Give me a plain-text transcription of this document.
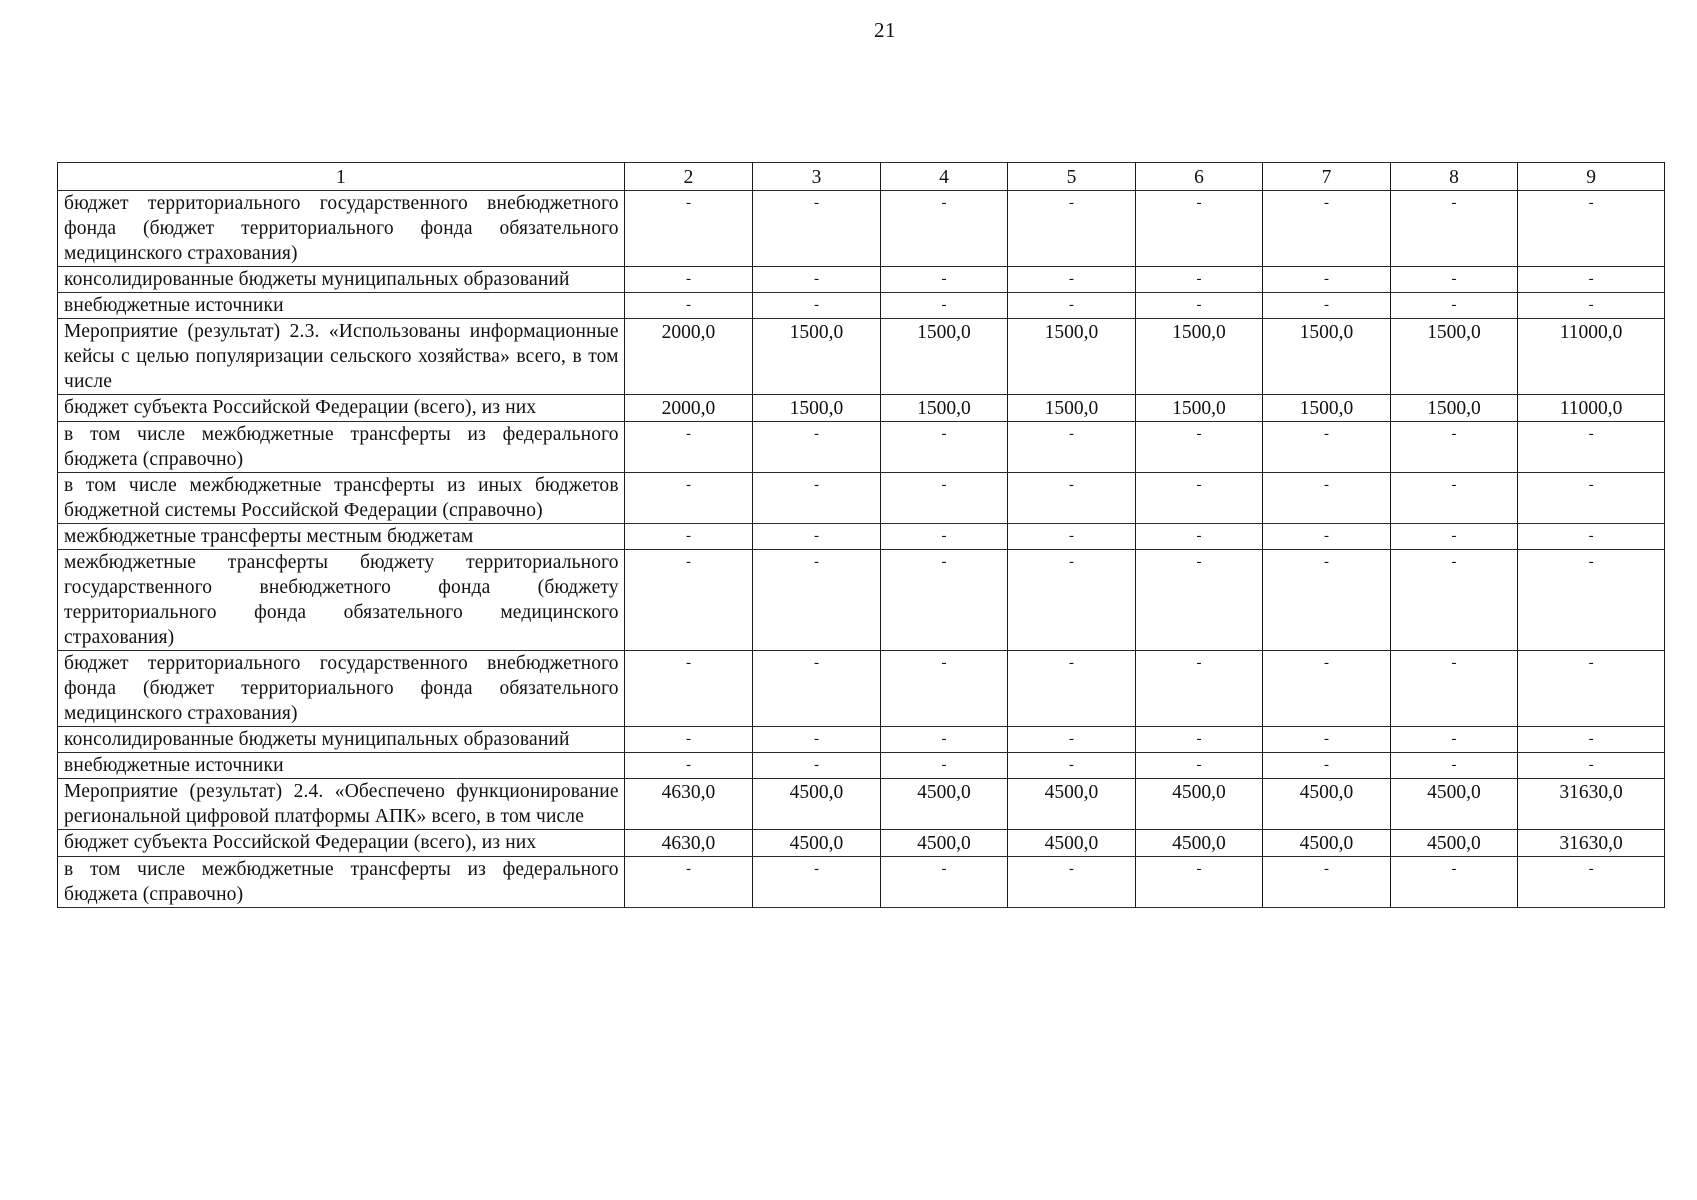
21
1	2	3	4	5	6	7	8	9
бюджет территориального государственного внебюджетного фонда (бюджет территориального фонда обязательного медицинского страхования)	-	-	-	-	-	-	-	-
консолидированные бюджеты муниципальных образований	-	-	-	-	-	-	-	-
внебюджетные источники	-	-	-	-	-	-	-	-
Мероприятие (результат) 2.3. «Использованы информационные кейсы с целью популяризации сельского хозяйства» всего, в том числе	2000,0	1500,0	1500,0	1500,0	1500,0	1500,0	1500,0	11000,0
бюджет субъекта Российской Федерации (всего), из них	2000,0	1500,0	1500,0	1500,0	1500,0	1500,0	1500,0	11000,0
в том числе межбюджетные трансферты из федерального бюджета (справочно)	-	-	-	-	-	-	-	-
в том числе межбюджетные трансферты из иных бюджетов бюджетной системы Российской Федерации (справочно)	-	-	-	-	-	-	-	-
межбюджетные трансферты местным бюджетам	-	-	-	-	-	-	-	-
межбюджетные трансферты бюджету территориального государственного внебюджетного фонда (бюджету территориального фонда обязательного медицинского страхования)	-	-	-	-	-	-	-	-
бюджет территориального государственного внебюджетного фонда (бюджет территориального фонда обязательного медицинского страхования)	-	-	-	-	-	-	-	-
консолидированные бюджеты муниципальных образований	-	-	-	-	-	-	-	-
внебюджетные источники	-	-	-	-	-	-	-	-
Мероприятие (результат) 2.4. «Обеспечено функционирование региональной цифровой платформы АПК» всего, в том числе	4630,0	4500,0	4500,0	4500,0	4500,0	4500,0	4500,0	31630,0
бюджет субъекта Российской Федерации (всего), из них	4630,0	4500,0	4500,0	4500,0	4500,0	4500,0	4500,0	31630,0
в том числе межбюджетные трансферты из федерального бюджета (справочно)	-	-	-	-	-	-	-	-
